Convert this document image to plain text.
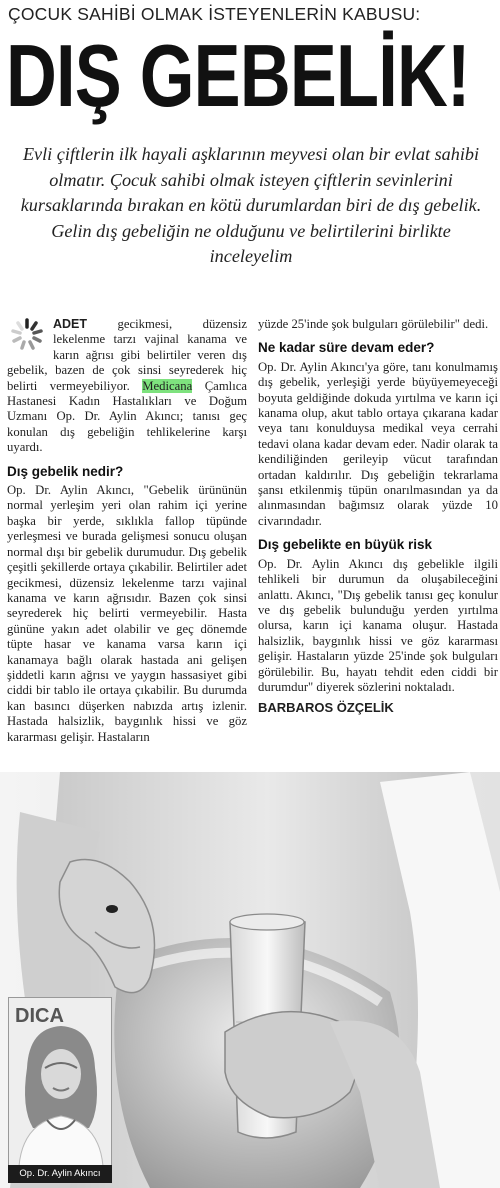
ÇOCUK SAHİBİ OLMAK İSTEYENLERİN KABUSU:
DIŞ GEBELİK!
Evli çiftlerin ilk hayali aşklarının meyvesi olan bir evlat sahibi olmatır. Çocuk sahibi olmak isteyen çiftlerin sevinlerini kursaklarında bırakan en kötü durumlardan biri de dış gebelik. Gelin dış gebeliğin ne olduğunu ve belirtilerini birlikte inceleyelim

ADET gecikmesi, düzensiz lekelenme tarzı vajinal kanama ve karın ağrısı gibi belirtiler veren dış gebelik, bazen de çok sinsi seyrederek hiç belirti vermeyebiliyor. Medicana Çamlıca Hastanesi Kadın Hastalıkları ve Doğum Uzmanı Op. Dr. Aylin Akıncı; tanısı geç konulan dış gebeliğin tehlikelerine karşı uyardı.

Dış gebelik nedir?

Op. Dr. Aylin Akıncı, "Gebelik ürününün normal yerleşim yeri olan rahim içi yerine başka bir yerde, sıklıkla fallop tüpünde yerleşmesi ve burada gelişmesi sonucu oluşan normal dışı bir gebelik durumudur. Dış gebelik çeşitli şekillerde ortaya çıkabilir. Belirtiler adet gecikmesi, düzensiz lekelenme tarzı vajinal kanama ve karın ağrısıdır. Bazen çok sinsi seyrederek hiç belirti vermeyebilir. Hasta gününe yakın adet olabilir ve geç dönemde tüpte hasar ve kanama varsa karın içi kanamaya bağlı olarak hastada ani gelişen şiddetli karın ağrısı ve yaygın hassasiyet gibi ciddi bir tablo ile ortaya çıkabilir. Bu durumda kan basıncı düşerken nabızda artış izlenir. Hastada halsizlik, baygınlık hissi ve göz kararması gelişir. Hastaların

yüzde 25'inde şok bulguları görülebilir" dedi.

Ne kadar süre devam eder?

Op. Dr. Aylin Akıncı'ya göre, tanı konulmamış dış gebelik, yerleşiği yerde büyüyemeyeceği boyuta geldiğinde dokuda yırtılma ve karın içi kanama olup, akut tablo ortaya çıkarana kadar veya tanı konulduysa medikal veya cerrahi tedavi olana kadar devam eder. Nadir olarak ta kendiliğinden gerileyip vücut tarafından ortadan kaldırılır. Dış gebeliğin tekrarlama şansı etkilenmiş tüpün onarılmasından ya da alınmasından bağımsız olarak yüzde 10 civarındadır.

Dış gebelikte en büyük risk

Op. Dr. Aylin Akıncı dış gebelikle ilgili tehlikeli bir durumun da oluşabileceğini anlattı. Akıncı, "Dış gebelik tanısı geç konulur ve dış gebelik bulunduğu yerden yırtılma olursa, karın içi kanama oluşur. Hastada halsizlik, baygınlık hissi ve göz kararması gelişir. Hastaların yüzde 25'inde şok bulguları görülebilir. Bu, hayatı tehdit eden ciddi bir durumdur" diyerek sözlerini noktaladı.

BARBAROS ÖZÇELİK
DICA
Op. Dr. Aylin Akıncı
